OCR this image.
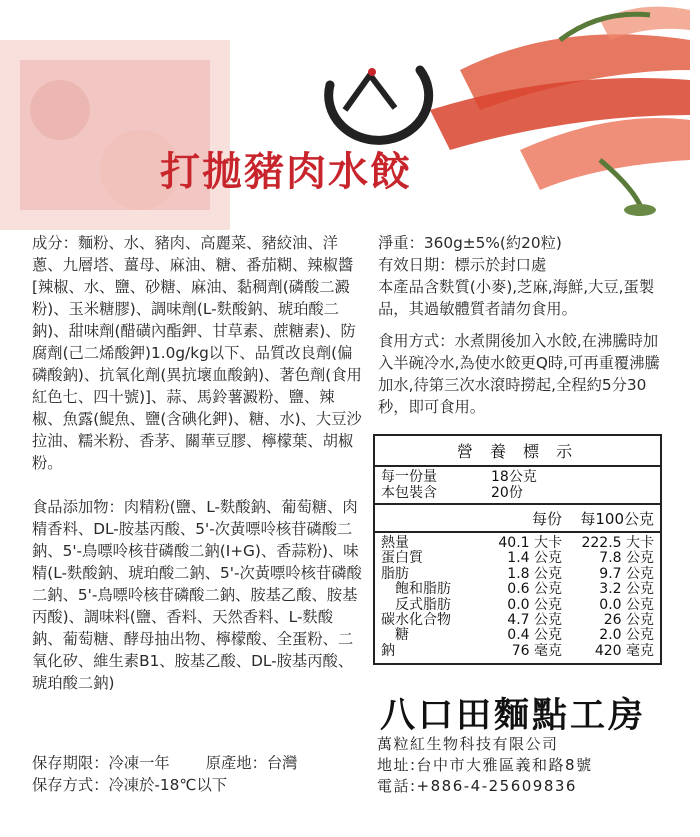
打拋豬肉水餃

成分：麵粉、水、豬肉、高麗菜、豬絞油、洋蔥、九層塔、薑母、麻油、糖、番茄糊、辣椒醬[辣椒、水、鹽、砂糖、麻油、黏稠劑(磷酸二澱粉)、玉米糖膠)、調味劑(L-麩酸鈉、琥珀酸二鈉)、甜味劑(醋磺內酯鉀、甘草素、蔗糖素)、防腐劑(己二烯酸鉀)1.0g/kg以下、品質改良劑(偏磷酸鈉)、抗氧化劑(異抗壞血酸鈉)、著色劑(食用紅色七、四十號)]、蒜、馬鈴薯澱粉、鹽、辣椒、魚露(鯷魚、鹽(含碘化鉀)、糖、水)、大豆沙拉油、糯米粉、香茅、關華豆膠、檸檬葉、胡椒粉。

食品添加物：肉精粉(鹽、L-麩酸鈉、葡萄糖、肉精香料、DL-胺基丙酸、5'-次黃嘌呤核苷磷酸二鈉、5'-鳥嘌呤核苷磷酸二鈉(I+G)、香蒜粉)、味精(L-麩酸鈉、琥珀酸二鈉、5'-次黃嘌呤核苷磷酸二鈉、5'-鳥嘌呤核苷磷酸二鈉、胺基乙酸、胺基丙酸)、調味料(鹽、香料、天然香料、L-麩酸鈉、葡萄糖、酵母抽出物、檸檬酸、全蛋粉、二氧化矽、維生素B1、胺基乙酸、DL-胺基丙酸、琥珀酸二鈉)

保存期限：冷凍一年 原產地：台灣
保存方式：冷凍於-18℃以下
淨重：360g±5%(約20粒)
有效日期：標示於封口處
本產品含麩質(小麥),芝麻,海鮮,大豆,蛋製品，其過敏體質者請勿食用。
食用方式：水煮開後加入水餃,在沸騰時加入半碗冷水,為使水餃更Q時,可再重覆沸騰加水,待第三次水滾時撈起,全程約5分30秒，即可食用。
營 養 標 示
每一份量	18公克
本包裝含	20份
每份	每100公克
熱量	40.1 大卡	222.5 大卡
蛋白質	1.4 公克	7.8 公克
脂肪	1.8 公克	9.7 公克
　飽和脂肪	0.6 公克	3.2 公克
　反式脂肪	0.0 公克	0.0 公克
碳水化合物	4.7 公克	26 公克
　糖	0.4 公克	2.0 公克
鈉	76 毫克	420 毫克
八口田麵點工房
萬粒紅生物科技有限公司
地址:台中市大雅區義和路8號
電話:+886-4-25609836
